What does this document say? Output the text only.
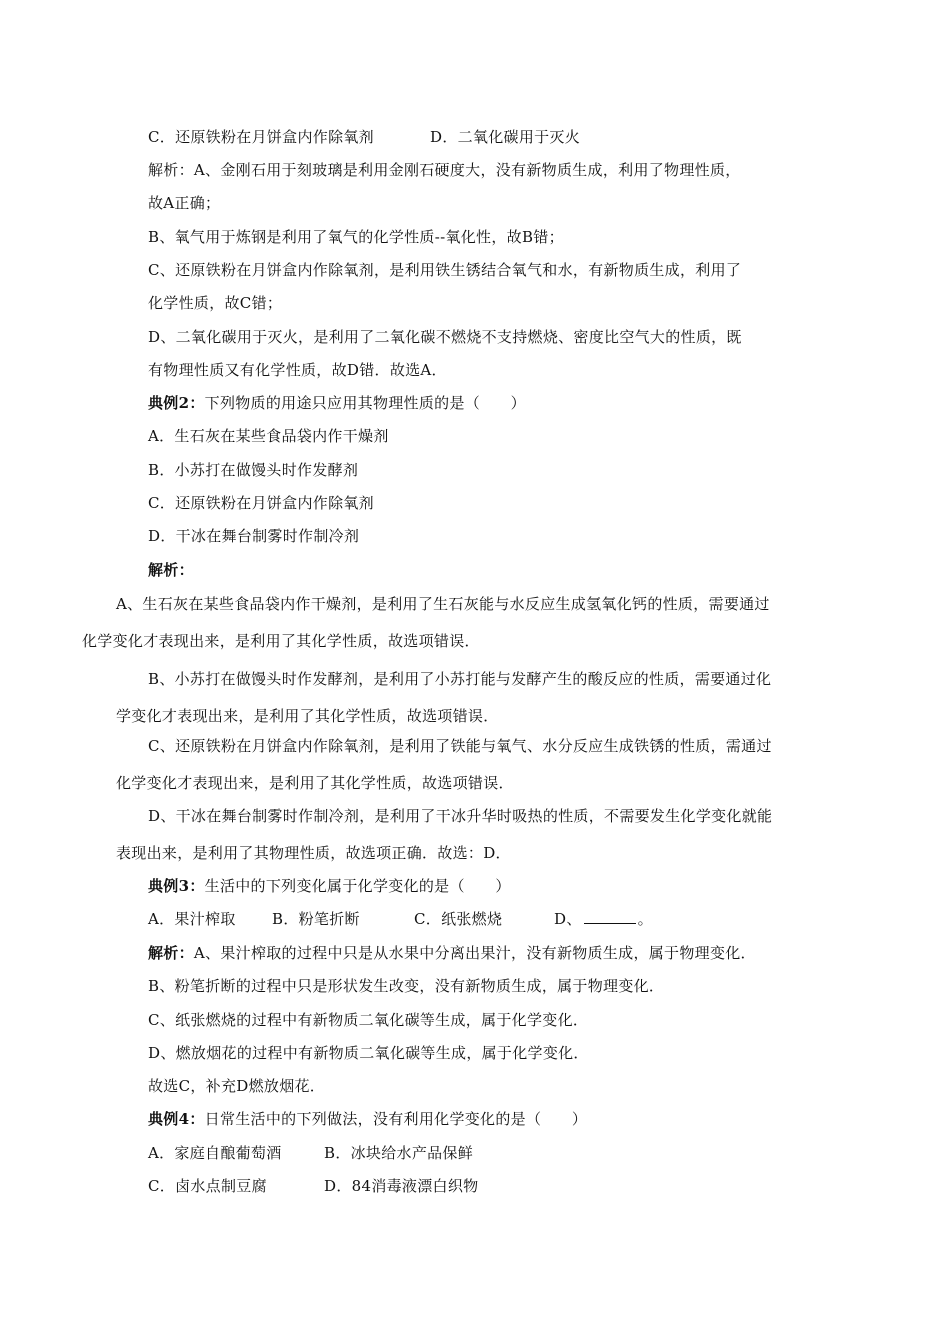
C．还原铁粉在月饼盒内作除氧剂	D．二氧化碳用于灭火
解析：A、金刚石用于刻玻璃是利用金刚石硬度大，没有新物质生成，利用了物理性质，
故A正确；
B、氧气用于炼钢是利用了氧气的化学性质--氧化性，故B错；
C、还原铁粉在月饼盒内作除氧剂，是利用铁生锈结合氧气和水，有新物质生成，利用了
化学性质，故C错；
D、二氧化碳用于灭火，是利用了二氧化碳不燃烧不支持燃烧、密度比空气大的性质，既
有物理性质又有化学性质，故D错．故选A．
典例2：下列物质的用途只应用其物理性质的是（　　）
A．生石灰在某些食品袋内作干燥剂
B．小苏打在做馒头时作发酵剂
C．还原铁粉在月饼盒内作除氧剂
D．干冰在舞台制雾时作制冷剂
解析：
A、生石灰在某些食品袋内作干燥剂，是利用了生石灰能与水反应生成氢氧化钙的性质，需要通过
化学变化才表现出来，是利用了其化学性质，故选项错误．
B、小苏打在做馒头时作发酵剂，是利用了小苏打能与发酵产生的酸反应的性质，需要通过化
学变化才表现出来，是利用了其化学性质，故选项错误．
C、还原铁粉在月饼盒内作除氧剂，是利用了铁能与氧气、水分反应生成铁锈的性质，需通过
化学变化才表现出来，是利用了其化学性质，故选项错误．
D、干冰在舞台制雾时作制冷剂，是利用了干冰升华时吸热的性质，不需要发生化学变化就能
表现出来，是利用了其物理性质，故选项正确．故选：D．
典例3：生活中的下列变化属于化学变化的是（　　）
A．果汁榨取 B．粉笔折断	C．纸张燃烧	D、	。
解析：A、果汁榨取的过程中只是从水果中分离出果汁，没有新物质生成，属于物理变化．
B、粉笔折断的过程中只是形状发生改变，没有新物质生成，属于物理变化．
C、纸张燃烧的过程中有新物质二氧化碳等生成，属于化学变化．
D、燃放烟花的过程中有新物质二氧化碳等生成，属于化学变化．
故选C，补充D燃放烟花．
典例4：日常生活中的下列做法，没有利用化学变化的是（　　）
A．家庭自酿葡萄酒	B．冰块给水产品保鲜
C．卤水点制豆腐	D．84消毒液漂白织物
